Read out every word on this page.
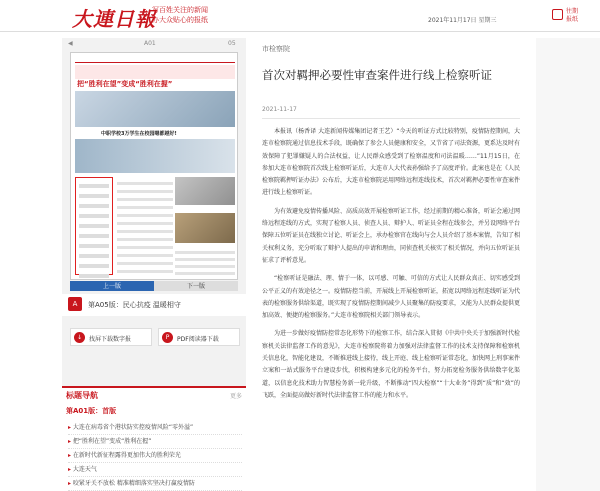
大連日報
写百姓关注的新闻
办大众贴心的报纸	2021年11月17日 星期三
往期
报纸
◀	A01	05
把“胜利在望”变成“胜利在握”
中职学校3万学生在校园嗯都越好!
上一版	下一版
A	第A05版：民心抗疫 温暖相守
↓	找屏下载数字报	P	PDF阅读器下载
标题导航	更多
第A01版：首版
▸ 大连在病毒省个港状防实控疫情风险“零外溢”
▸ 把“胜利在望”变成“胜利在握”
▸ 在新时代新征程露得更加伟大的胜利荣光
▸ 大连天气
▸ 咬紧牙关不放松 精准精细落实坚决打赢疫情防
市检察院
首次对羁押必要性审查案件进行线上检察听证
2021-11-17

本报讯（杨香译 大连新闻传媒集团记者王艺）“今天的听证方式比较特别，疫情防控期间，大连市检察院通过信息技术手段，既确保了参会人员健康和安全，又节省了司法资源，更系达及时有效保障了犯罪嫌疑人的合法权益，让人民群众感受到了检察温度和司法温暖……”11月15日，在参加大连市检察院首次线上检察听证后，大连市人大代表孙强给予了高度评价。此案也是在《人民检察院羁押听证办法》公布后，大连市检察院运用网络远程连线技术，首次对羁押必要性审查案件进行线上检察听证。

为有效避免疫情传播风险、高质高效开展检察听证工作，经过前期的精心准备，听证会通过网络远程连线的方式，实现了检察人员、侦查人员、辩护人、听证员全程在线参会，并另设网络平台保障五位听证员在线独立讨论、听证会上，承办检察官在线向与会人员介绍了基本案情，告知了相关权利义务，充分听取了辩护人提出的申请和理由，同侦查机关核实了相关情况，并向五位听证员征求了评析意见。

“检察听证是融法、理、情于一体，以可感、可触、可信的方式让人民群众真正、切实感受到公平正义的有效途径之一。疫情防控当前，开展线上开展检察听证，拓宽以网络远程连线听证为代表的检察服务供给渠道，既实现了疫情防控期间减少人员聚集的防疫要求，又能为人民群众提供更加高效、便捷的检察服务。”大连市检察院相关部门领导表示。

为进一步做好疫情防控常态化形势下的检察工作，结合深入贯彻《中共中央关于加强新时代检察机关法律监督工作的意见》，大连市检察院将着力加强对法律监督工作的技术支持保障和检察机关信息化，智能化建设，不断推进线上接待，线上开庭、线上检察听证常态化，加快网上刑事案件立案和一站式服务平台建设步伐，积极构建多元化的检务平台，努力拓宽检务服务供给数字化渠道，以信息化技术助力智慧检务新一轮升级，不断推动“四大检察”“十大业务”得到“质”和“效”的飞跃，全面提高做好新时代法律监督工作的能力和水平。
